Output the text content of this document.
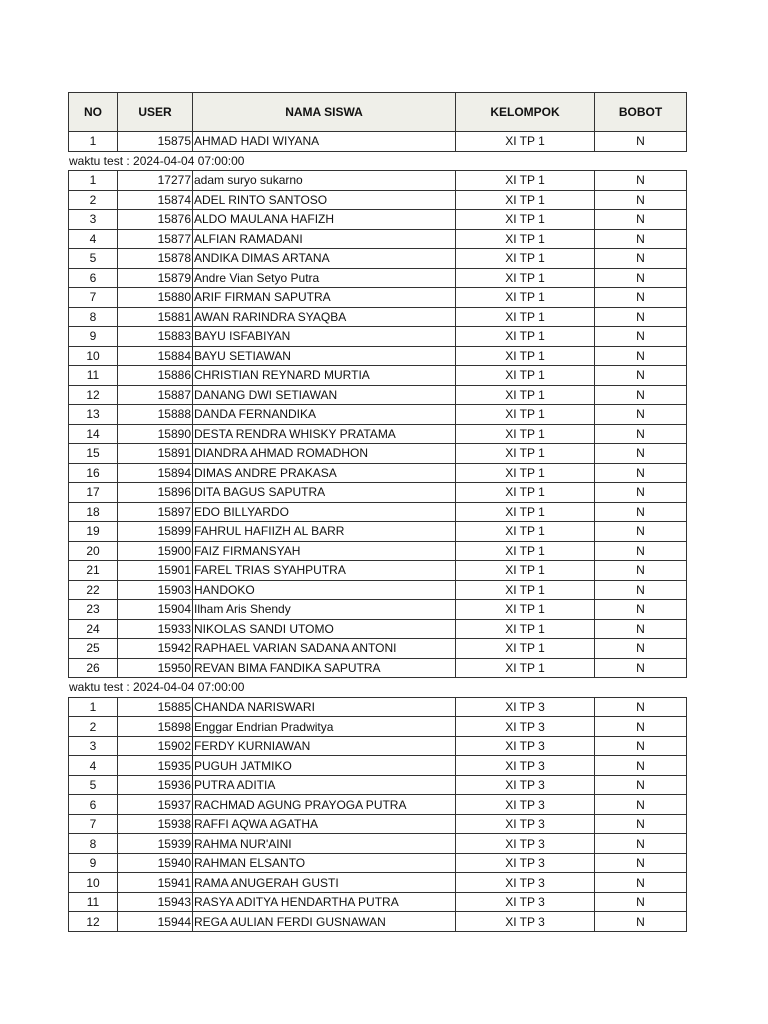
NO	USER	NAMA SISWA	KELOMPOK	BOBOT
1	15875	AHMAD HADI WIYANA	XI TP 1	N
waktu test : 2024-04-04 07:00:00
1	17277	adam suryo sukarno	XI TP 1	N
2	15874	ADEL RINTO SANTOSO	XI TP 1	N
3	15876	ALDO MAULANA HAFIZH	XI TP 1	N
4	15877	ALFIAN RAMADANI	XI TP 1	N
5	15878	ANDIKA DIMAS ARTANA	XI TP 1	N
6	15879	Andre Vian Setyo Putra	XI TP 1	N
7	15880	ARIF FIRMAN SAPUTRA	XI TP 1	N
8	15881	AWAN RARINDRA SYAQBA	XI TP 1	N
9	15883	BAYU ISFABIYAN	XI TP 1	N
10	15884	BAYU SETIAWAN	XI TP 1	N
11	15886	CHRISTIAN REYNARD MURTIA	XI TP 1	N
12	15887	DANANG DWI SETIAWAN	XI TP 1	N
13	15888	DANDA FERNANDIKA	XI TP 1	N
14	15890	DESTA RENDRA WHISKY PRATAMA	XI TP 1	N
15	15891	DIANDRA AHMAD ROMADHON	XI TP 1	N
16	15894	DIMAS ANDRE PRAKASA	XI TP 1	N
17	15896	DITA BAGUS SAPUTRA	XI TP 1	N
18	15897	EDO BILLYARDO	XI TP 1	N
19	15899	FAHRUL HAFIIZH AL BARR	XI TP 1	N
20	15900	FAIZ FIRMANSYAH	XI TP 1	N
21	15901	FAREL TRIAS SYAHPUTRA	XI TP 1	N
22	15903	HANDOKO	XI TP 1	N
23	15904	Ilham Aris Shendy	XI TP 1	N
24	15933	NIKOLAS SANDI UTOMO	XI TP 1	N
25	15942	RAPHAEL VARIAN SADANA ANTONI	XI TP 1	N
26	15950	REVAN BIMA FANDIKA SAPUTRA	XI TP 1	N
waktu test : 2024-04-04 07:00:00
1	15885	CHANDA NARISWARI	XI TP 3	N
2	15898	Enggar Endrian Pradwitya	XI TP 3	N
3	15902	FERDY KURNIAWAN	XI TP 3	N
4	15935	PUGUH JATMIKO	XI TP 3	N
5	15936	PUTRA ADITIA	XI TP 3	N
6	15937	RACHMAD AGUNG PRAYOGA PUTRA	XI TP 3	N
7	15938	RAFFI AQWA AGATHA	XI TP 3	N
8	15939	RAHMA NUR'AINI	XI TP 3	N
9	15940	RAHMAN ELSANTO	XI TP 3	N
10	15941	RAMA ANUGERAH GUSTI	XI TP 3	N
11	15943	RASYA ADITYA HENDARTHA PUTRA	XI TP 3	N
12	15944	REGA AULIAN FERDI GUSNAWAN	XI TP 3	N
